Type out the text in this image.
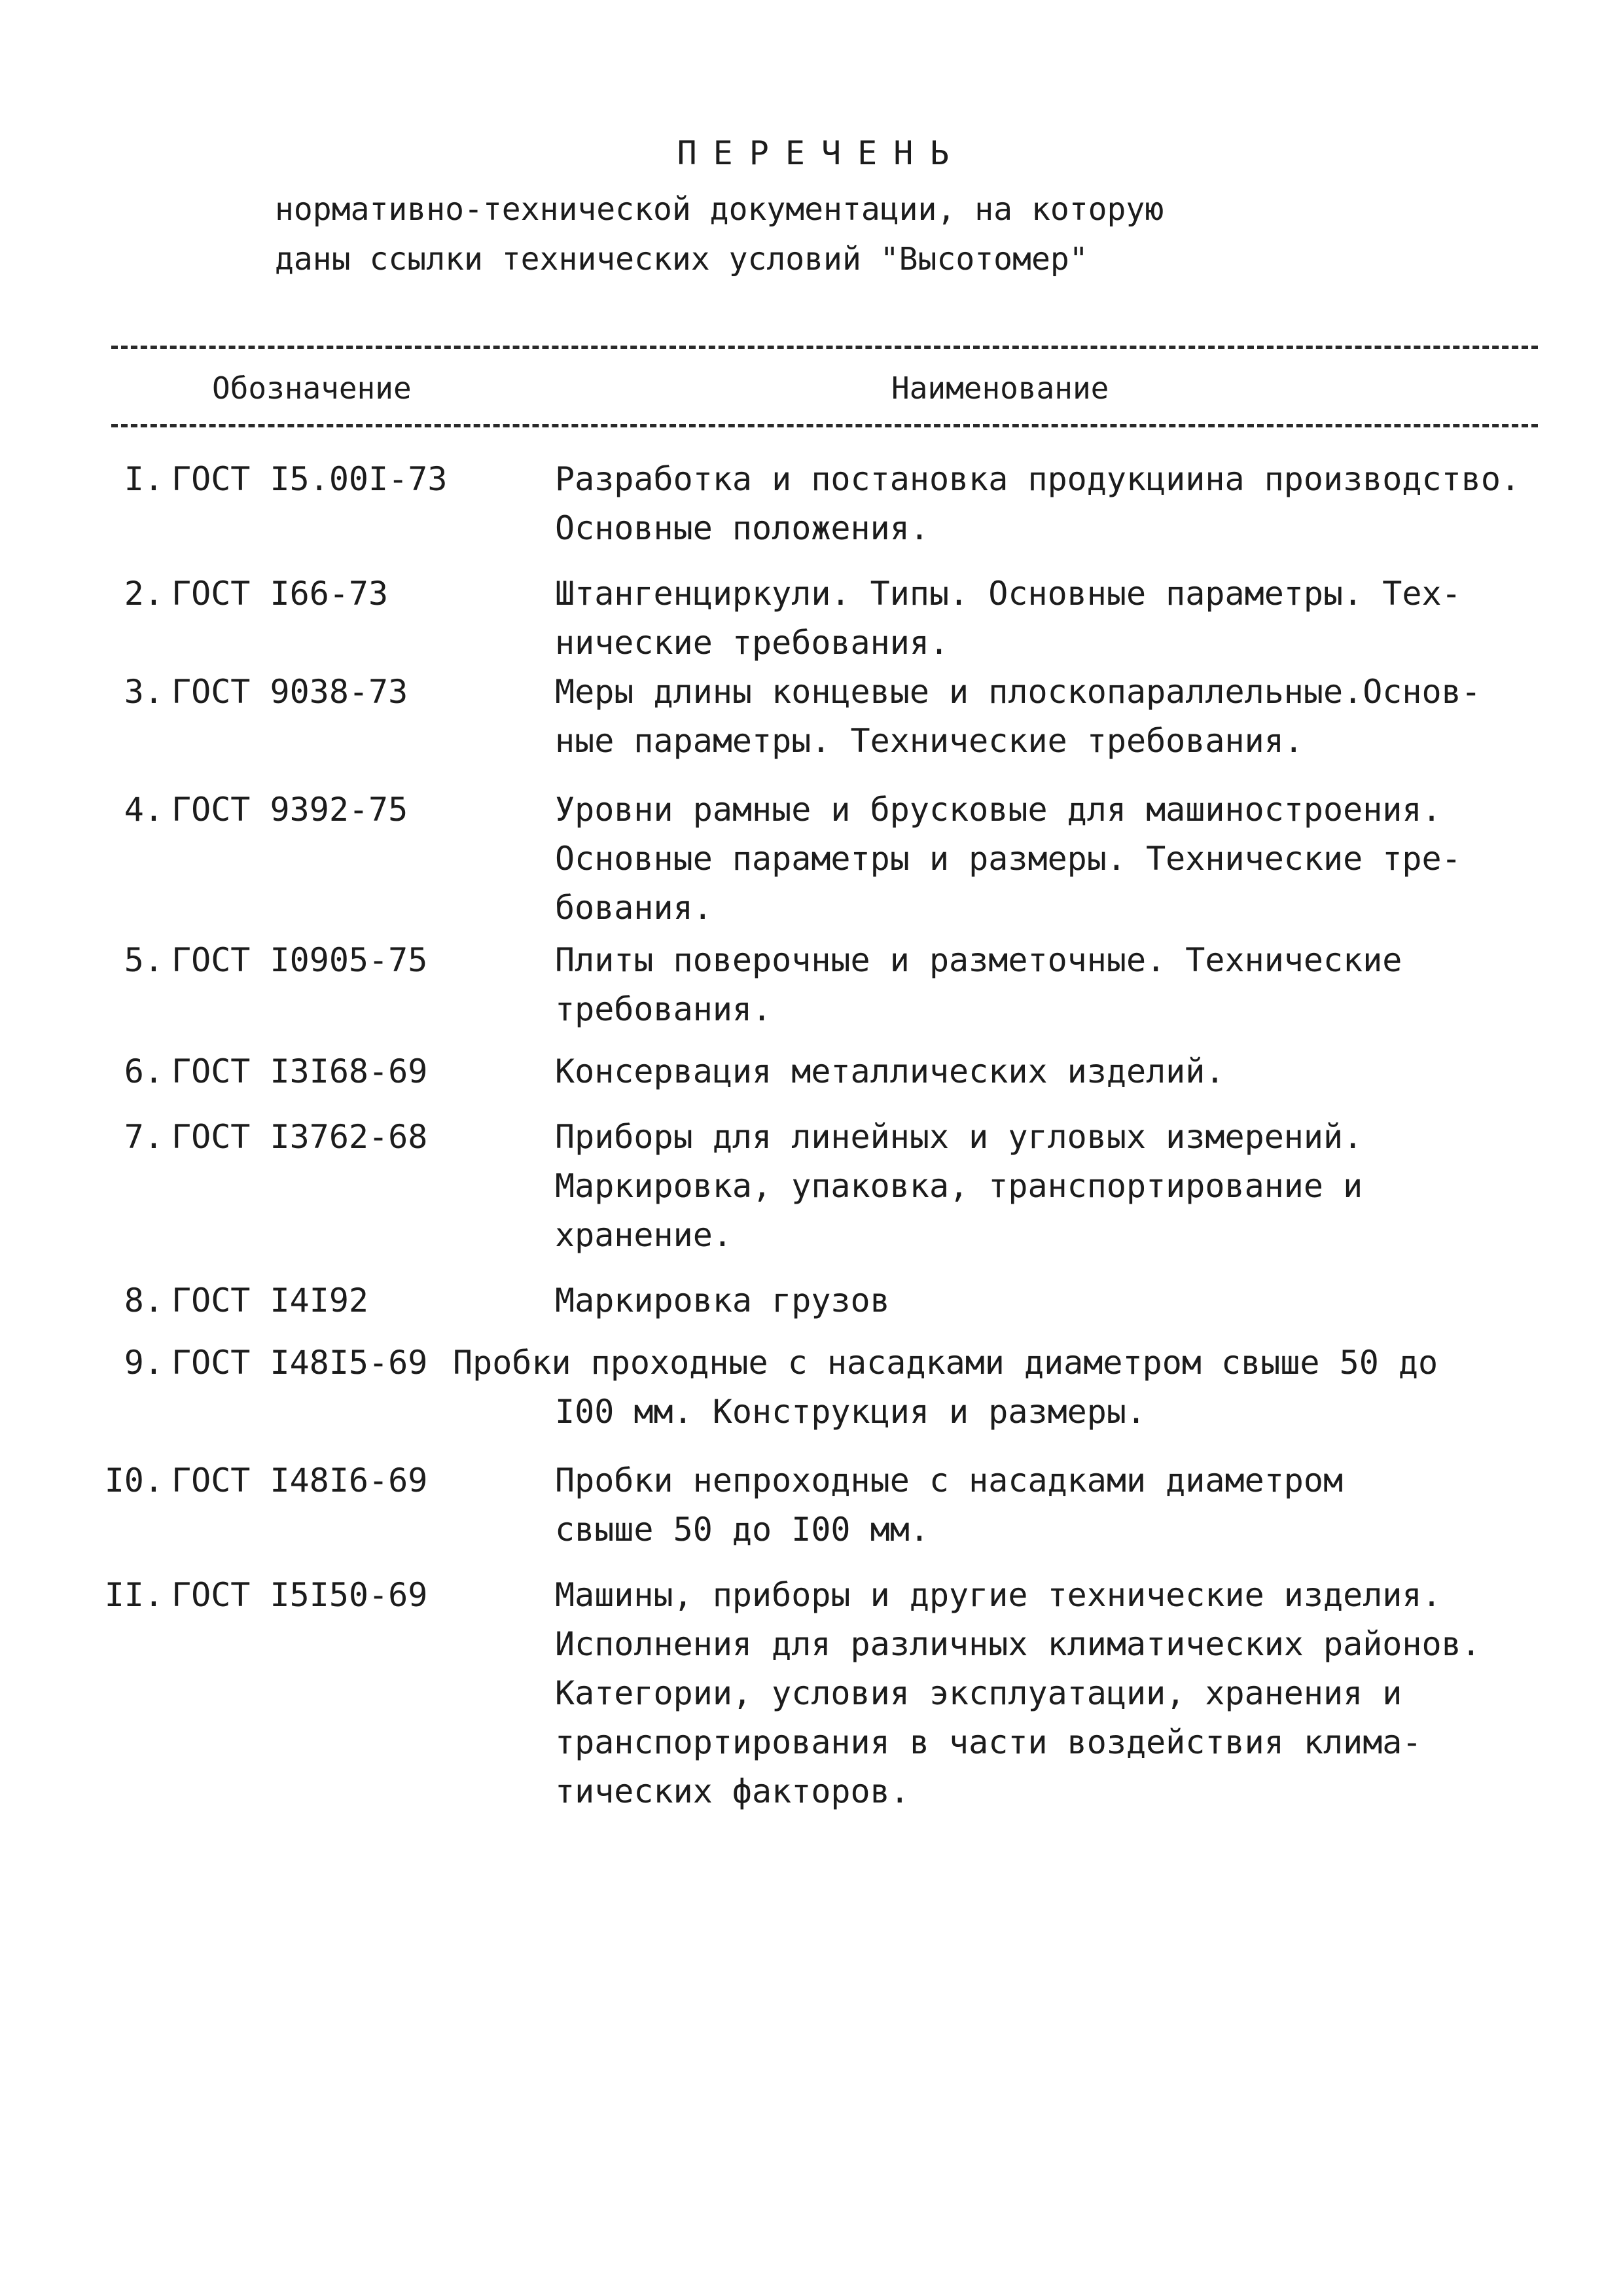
ПЕРЕЧЕНЬ
нормативно-технической документации, на которую
даны ссылки технических условий "Высотомер"
Обозначение	Наименование
I. ГОСТ I5.00I-73	Разработка и постановка продукциина производство.
Основные положения.
2. ГОСТ I66-73	Штангенциркули. Типы. Основные параметры. Тех-
нические требования.
3. ГОСТ 9038-73	Меры длины концевые и плоскопараллельные.Основ-
ные параметры. Технические требования.
4. ГОСТ 9392-75	Уровни рамные и брусковые для машиностроения.
Основные параметры и размеры. Технические тре-
бования.
5. ГОСТ I0905-75	Плиты поверочные и разметочные. Технические
требования.
6. ГОСТ I3I68-69	Консервация металлических изделий.
7. ГОСТ I3762-68	Приборы для линейных и угловых измерений.
Маркировка, упаковка, транспортирование и
хранение.
8. ГОСТ I4I92	Маркировка грузов
9. ГОСТ I48I5-69 Пробки проходные с насадками диаметром свыше 50 до
I00 мм. Конструкция и размеры.
I0. ГОСТ I48I6-69	Пробки непроходные с насадками диаметром
свыше 50 до I00 мм.
II. ГОСТ I5I50-69	Машины, приборы и другие технические изделия.
Исполнения для различных климатических районов.
Категории, условия эксплуатации, хранения и
транспортирования в части воздействия клима-
тических факторов.
